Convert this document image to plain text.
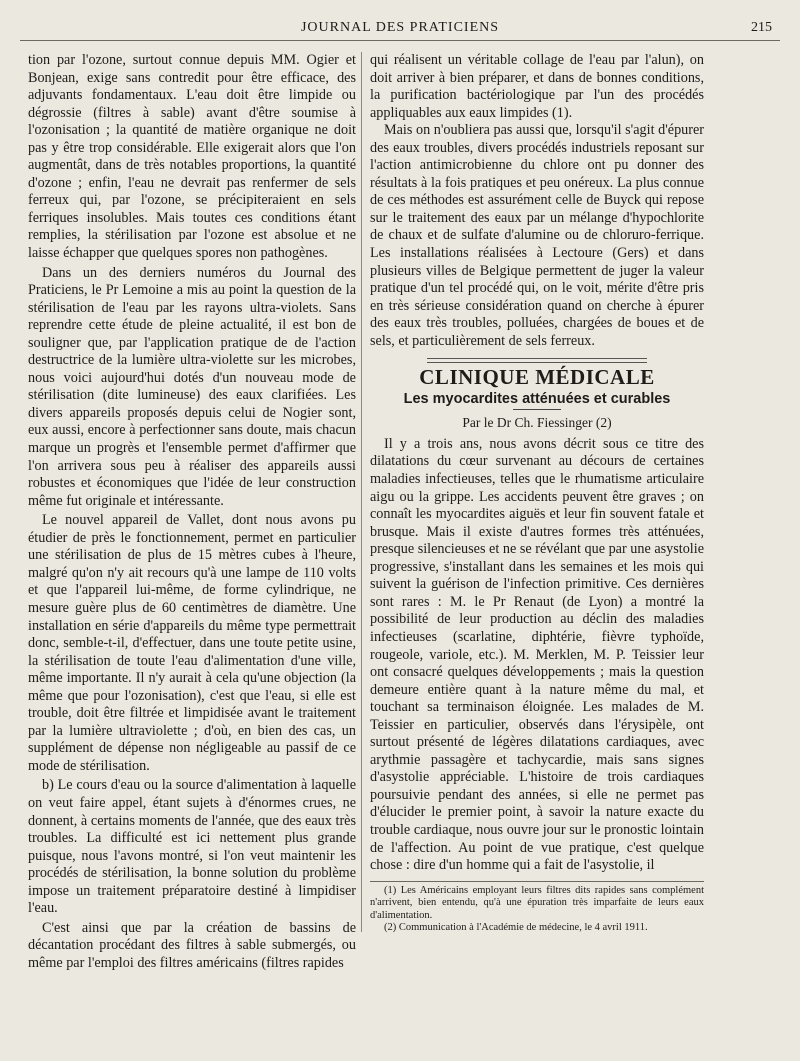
JOURNAL DES PRATICIENS	215

tion par l'ozone, surtout connue depuis MM. Ogier et Bonjean, exige sans contredit pour être efficace, des adjuvants fondamentaux. L'eau doit être limpide ou dégrossie (filtres à sable) avant d'être soumise à l'ozonisation ; la quantité de matière organique ne doit pas y être trop considérable. Elle exigerait alors que l'on augmentât, dans de très notables proportions, la quantité d'ozone ; enfin, l'eau ne devrait pas renfermer de sels ferreux qui, par l'ozone, se précipiteraient en sels ferriques insolubles. Mais toutes ces conditions étant remplies, la stérilisation par l'ozone est absolue et ne laisse échapper que quelques spores non pathogènes.

Dans un des derniers numéros du Journal des Praticiens, le Pr Lemoine a mis au point la question de la stérilisation de l'eau par les rayons ultra-violets. Sans reprendre cette étude de pleine actualité, il est bon de souligner que, par l'application pratique de de l'action destructrice de la lumière ultra-violette sur les microbes, nous voici aujourd'hui dotés d'un nouveau mode de stérilisation (dite lumineuse) des eaux clarifiées. Les divers appareils proposés depuis celui de Nogier sont, eux aussi, encore à perfectionner sans doute, mais chacun marque un progrès et l'ensemble permet d'affirmer que l'on arrivera sous peu à réaliser des appareils aussi robustes et économiques que l'idée de leur construction même fut originale et intéressante.

Le nouvel appareil de Vallet, dont nous avons pu étudier de près le fonctionnement, permet en particulier une stérilisation de plus de 15 mètres cubes à l'heure, malgré qu'on n'y ait recours qu'à une lampe de 110 volts et que l'appareil lui-même, de forme cylindrique, ne mesure guère plus de 60 centimètres de diamètre. Une installation en série d'appareils du même type permettrait donc, semble-t-il, d'effectuer, dans une toute petite usine, la stérilisation de toute l'eau d'alimentation d'une ville, même importante. Il n'y aurait à cela qu'une objection (la même que pour l'ozonisation), c'est que l'eau, si elle est trouble, doit être filtrée et limpidisée avant le traitement par la lumière ultraviolette ; d'où, en bien des cas, un supplément de dépense non négligeable au passif de ce mode de stérilisation.

b) Le cours d'eau ou la source d'alimentation à laquelle on veut faire appel, étant sujets à d'énormes crues, ne donnent, à certains moments de l'année, que des eaux très troubles. La difficulté est ici nettement plus grande puisque, nous l'avons montré, si l'on veut maintenir les procédés de stérilisation, la bonne solution du problème impose un traitement préparatoire destiné à limpidiser l'eau.

C'est ainsi que par la création de bassins de décantation procédant des filtres à sable submergés, ou même par l'emploi des filtres américains (filtres rapides

qui réalisent un véritable collage de l'eau par l'alun), on doit arriver à bien préparer, et dans de bonnes conditions, la purification bactériologique par l'un des procédés appliquables aux eaux limpides (1).

Mais on n'oubliera pas aussi que, lorsqu'il s'agit d'épurer des eaux troubles, divers procédés industriels reposant sur l'action antimicrobienne du chlore ont pu donner des résultats à la fois pratiques et peu onéreux. La plus connue de ces méthodes est assurément celle de Buyck qui repose sur le traitement des eaux par un mélange d'hypochlorite de chaux et de sulfate d'alumine ou de chloruro-ferrique. Les installations réalisées à Lectoure (Gers) et dans plusieurs villes de Belgique permettent de juger la valeur pratique d'un tel procédé qui, on le voit, mérite d'être pris en très sérieuse considération quand on cherche à épurer des eaux très troubles, polluées, chargées de boues et de sels, et particulièrement de sels ferreux.

CLINIQUE MÉDICALE
Les myocardites atténuées et curables
Par le Dr Ch. Fiessinger (2)

Il y a trois ans, nous avons décrit sous ce titre des dilatations du cœur survenant au décours de certaines maladies infectieuses, telles que le rhumatisme articulaire aigu ou la grippe. Les accidents peuvent être graves ; on connaît les myocardites aiguës et leur fin souvent fatale et brusque. Mais il existe d'autres formes très atténuées, presque silencieuses et ne se révélant que par une asystolie progressive, s'installant dans les semaines et les mois qui suivent la guérison de l'infection primitive. Ces dernières sont rares : M. le Pr Renaut (de Lyon) a montré la possibilité de leur production au déclin des maladies infectieuses (scarlatine, diphtérie, fièvre typhoïde, rougeole, variole, etc.). M. Merklen, M. P. Teissier leur ont consacré quelques développements ; mais la question demeure entière quant à la nature même du mal, et touchant sa terminaison éloignée. Les malades de M. Teissier en particulier, observés dans l'érysipèle, ont surtout présenté de légères dilatations cardiaques, avec arythmie passagère et tachycardie, mais sans signes d'asystolie appréciable. L'histoire de trois cardiaques poursuivie pendant des années, si elle ne permet pas d'élucider le premier point, à savoir la nature exacte du trouble cardiaque, nous ouvre jour sur le pronostic lointain de l'affection. Au point de vue pratique, c'est quelque chose : dire d'un homme qui a fait de l'asystolie, il

(1) Les Américains employant leurs filtres dits rapides sans complément n'arrivent, bien entendu, qu'à une épuration très imparfaite de leurs eaux d'alimentation.

(2) Communication à l'Académie de médecine, le 4 avril 1911.
